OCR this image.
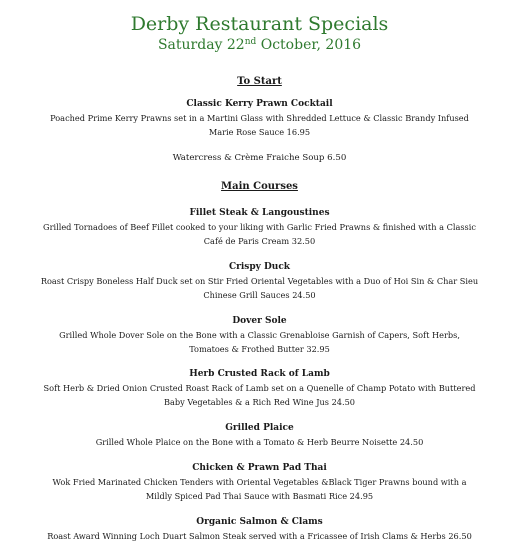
Derby Restaurant Specials
Saturday 22nd October, 2016
To Start

Classic Kerry Prawn Cocktail

Poached Prime Kerry Prawns set in a Martini Glass with Shredded Lettuce & Classic Brandy Infused
Marie Rose Sauce 16.95

Watercress & Crème Fraiche Soup 6.50

Main Courses

Fillet Steak & Langoustines

Grilled Tornadoes of Beef Fillet cooked to your liking with Garlic Fried Prawns & finished with a Classic
Café de Paris Cream 32.50

Crispy Duck

Roast Crispy Boneless Half Duck set on Stir Fried Oriental Vegetables with a Duo of Hoi Sin & Char Sieu
Chinese Grill Sauces 24.50

Dover Sole

Grilled Whole Dover Sole on the Bone with a Classic Grenabloise Garnish of Capers, Soft Herbs,
Tomatoes & Frothed Butter 32.95

Herb Crusted Rack of Lamb

Soft Herb & Dried Onion Crusted Roast Rack of Lamb set on a Quenelle of Champ Potato with Buttered
Baby Vegetables & a Rich Red Wine Jus 24.50

Grilled Plaice

Grilled Whole Plaice on the Bone with a Tomato & Herb Beurre Noisette 24.50

Chicken & Prawn Pad Thai

Wok Fried Marinated Chicken Tenders with Oriental Vegetables &Black Tiger Prawns bound with a
Mildly Spiced Pad Thai Sauce with Basmati Rice 24.95

Organic Salmon & Clams

Roast Award Winning Loch Duart Salmon Steak served with a Fricassee of Irish Clams & Herbs 26.50
